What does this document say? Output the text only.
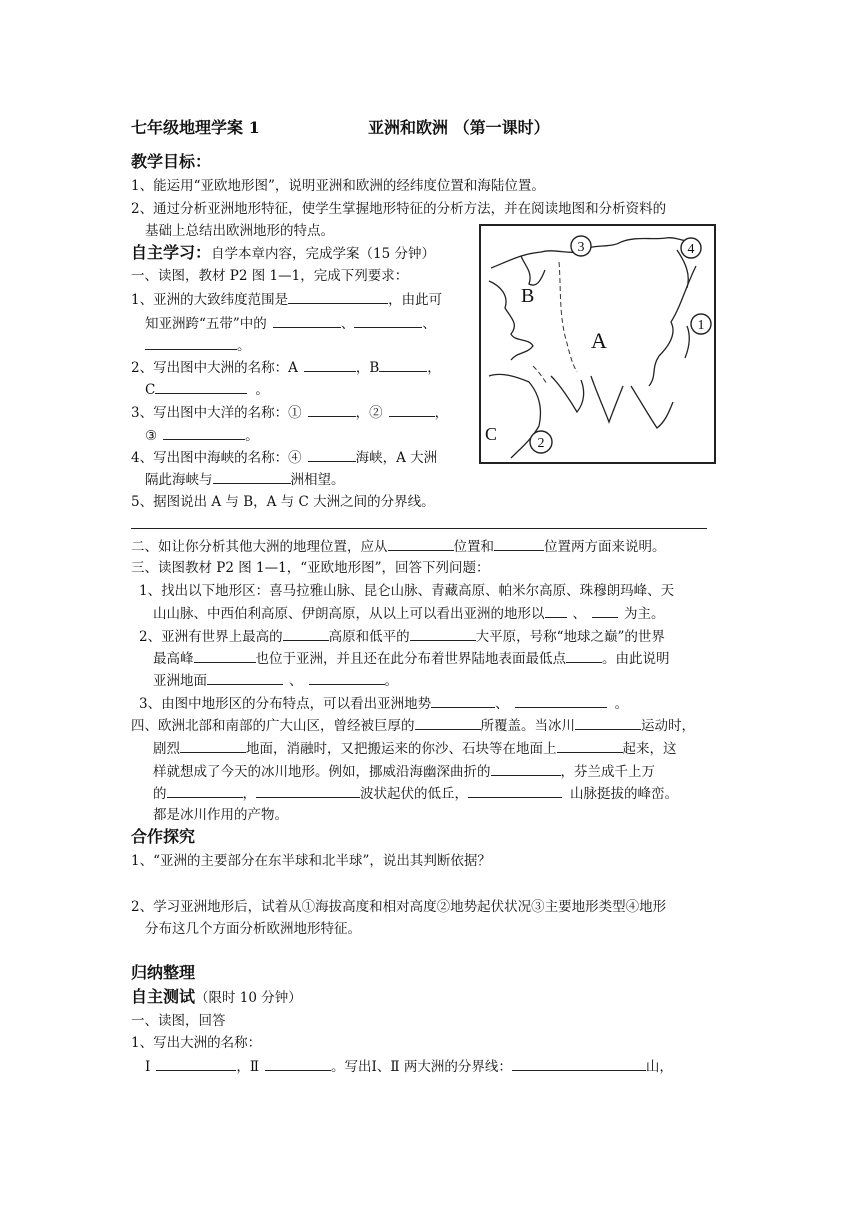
七年级地理学案 1	亚洲和欧洲 （第一课时）
教学目标：
1、能运用“亚欧地形图”，说明亚洲和欧洲的经纬度位置和海陆位置。
2、通过分析亚洲地形特征，使学生掌握地形特征的分析方法，并在阅读地图和分析资料的
基础上总结出欧洲地形的特点。
自主学习：自学本章内容，完成学案（15 分钟）
一、读图，教材 P2 图 1—1，完成下列要求：
1、亚洲的大致纬度范围是	，由此可
知亚洲跨“五带”中的	、	、
。
2、写出图中大洲的名称：A	，B	，
C	。
3、写出图中大洋的名称：①	，②	，
③	。
4、写出图中海峡的名称：④	海峡，A 大洲
隔此海峡与	洲相望。
5、据图说出 A 与 B，A 与 C 大洲之间的分界线。
二、如让你分析其他大洲的地理位置，应从	位置和	位置两方面来说明。
三、读图教材 P2 图 1—1，“亚欧地形图”，回答下列问题：
1、找出以下地形区：喜马拉雅山脉、昆仑山脉、青藏高原、帕米尔高原、珠穆朗玛峰、天
山山脉、中西伯利高原、伊朗高原，从以上可以看出亚洲的地形以 、	为主。
2、亚洲有世界上最高的	高原和低平的	大平原，号称“地球之巅”的世界
最高峰	也位于亚洲，并且还在此分布着世界陆地表面最低点	。由此说明
亚洲地面	、	。
3、由图中地形区的分布特点，可以看出亚洲地势	、	。
四、欧洲北部和南部的广大山区，曾经被巨厚的	所覆盖。当冰川	运动时，
剧烈	地面，消融时，又把搬运来的你沙、石块等在地面上	起来，这
样就想成了今天的冰川地形。例如，挪威沿海幽深曲折的	，芬兰成千上万
的	，	波状起伏的低丘，	山脉挺拔的峰峦。
都是冰川作用的产物。
合作探究
1、“亚洲的主要部分在东半球和北半球”，说出其判断依据？
2、学习亚洲地形后，试着从①海拔高度和相对高度②地势起伏状况③主要地形类型④地形
分布这几个方面分析欧洲地形特征。
归纳整理
自主测试（限时 10 分钟）
一、读图，回答
1、写出大洲的名称：
Ⅰ	，Ⅱ	。写出Ⅰ、Ⅱ 两大洲的分界线：	山，
B
A
C
3	4
1
2
